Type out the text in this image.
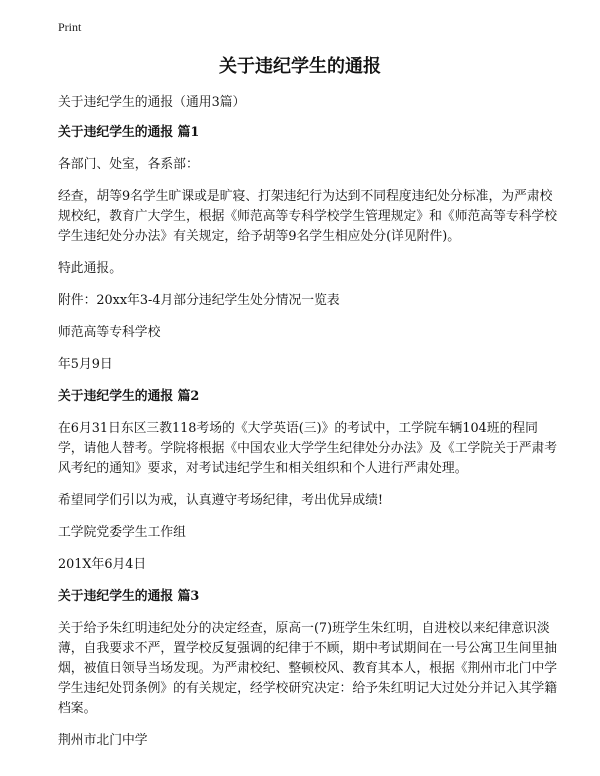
Print
关于违纪学生的通报

关于违纪学生的通报（通用3篇）

关于违纪学生的通报 篇1

各部门、处室，各系部：

经查，胡等9名学生旷课或是旷寝、打架违纪行为达到不同程度违纪处分标准，为严肃校规校纪，教育广大学生，根据《师范高等专科学校学生管理规定》和《师范高等专科学校学生违纪处分办法》有关规定，给予胡等9名学生相应处分(详见附件)。

特此通报。

附件：20xx年3-4月部分违纪学生处分情况一览表

师范高等专科学校

年5月9日

关于违纪学生的通报 篇2

在6月31日东区三教118考场的《大学英语(三)》的考试中，工学院车辆104班的程同学，请他人替考。学院将根据《中国农业大学学生纪律处分办法》及《工学院关于严肃考风考纪的通知》要求，对考试违纪学生和相关组织和个人进行严肃处理。

希望同学们引以为戒，认真遵守考场纪律，考出优异成绩!

工学院党委学生工作组

201X年6月4日

关于违纪学生的通报 篇3

关于给予朱红明违纪处分的决定经查，原高一(7)班学生朱红明，自进校以来纪律意识淡薄，自我要求不严，置学校反复强调的纪律于不顾，期中考试期间在一号公寓卫生间里抽烟，被值日领导当场发现。为严肃校纪、整顿校风、教育其本人，根据《荆州市北门中学学生违纪处罚条例》的有关规定，经学校研究决定：给予朱红明记大过处分并记入其学籍档案。

荆州市北门中学
